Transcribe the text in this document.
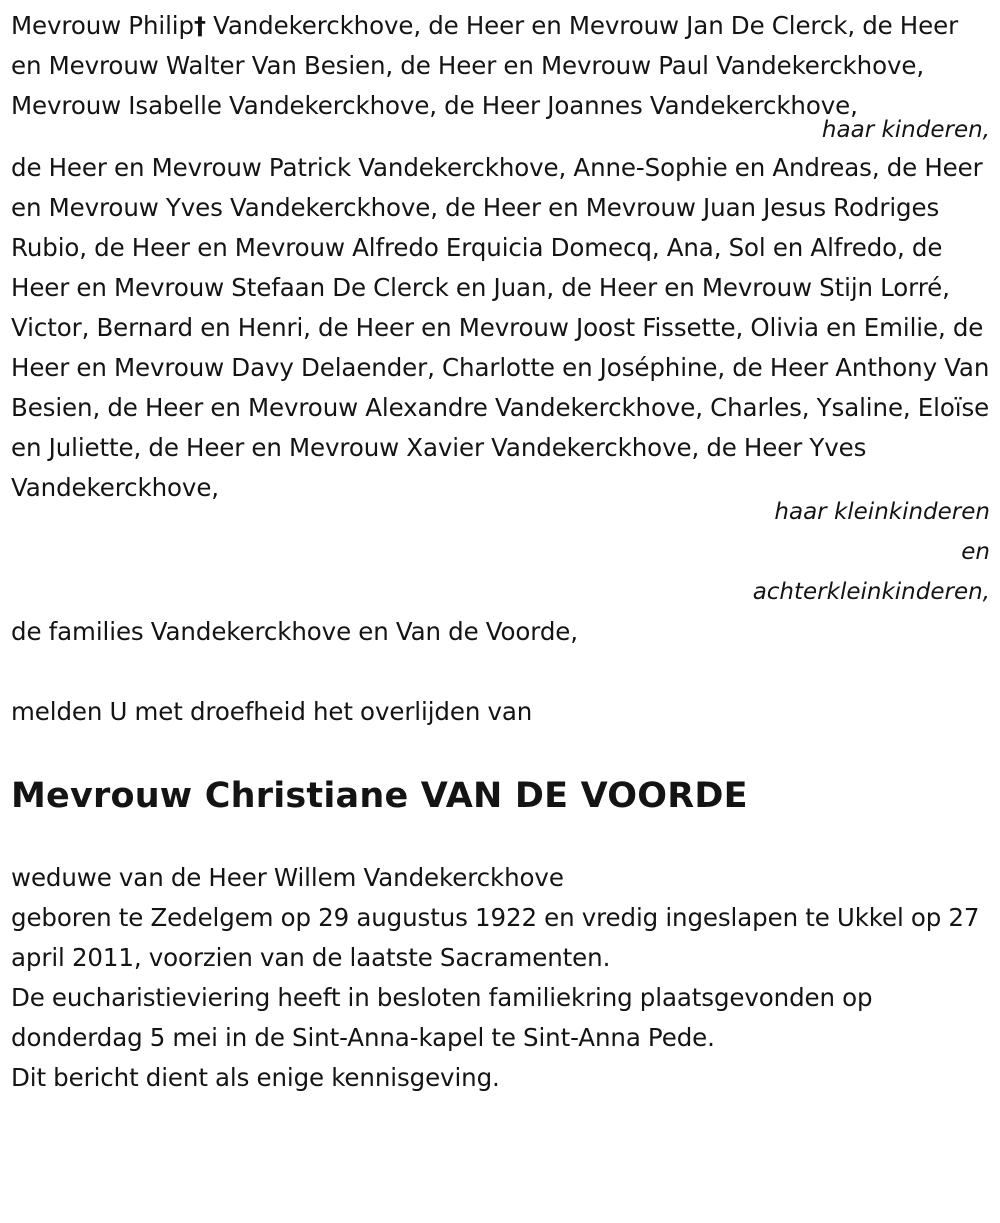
Mevrouw Philip† Vandekerckhove, de Heer en Mevrouw Jan De Clerck, de Heer en Mevrouw Walter Van Besien, de Heer en Mevrouw Paul Vandekerckhove, Mevrouw Isabelle Vandekerckhove, de Heer Joannes Vandekerckhove,

haar kinderen,

de Heer en Mevrouw Patrick Vandekerckhove, Anne-Sophie en Andreas, de Heer en Mevrouw Yves Vandekerckhove, de Heer en Mevrouw Juan Jesus Rodriges Rubio, de Heer en Mevrouw Alfredo Erquicia Domecq, Ana, Sol en Alfredo, de Heer en Mevrouw Stefaan De Clerck en Juan, de Heer en Mevrouw Stijn Lorré, Victor, Bernard en Henri, de Heer en Mevrouw Joost Fissette, Olivia en Emilie, de Heer en Mevrouw Davy Delaender, Charlotte en Joséphine, de Heer Anthony Van Besien, de Heer en Mevrouw Alexandre Vandekerckhove, Charles, Ysaline, Eloïse en Juliette, de Heer en Mevrouw Xavier Vandekerckhove, de Heer Yves Vandekerckhove,

haar kleinkinderen

en

achterkleinkinderen,

de families Vandekerckhove en Van de Voorde,

melden U met droefheid het overlijden van

Mevrouw Christiane VAN DE VOORDE

weduwe van de Heer Willem Vandekerckhove

geboren te Zedelgem op 29 augustus 1922 en vredig ingeslapen te Ukkel op 27 april 2011, voorzien van de laatste Sacramenten.

De eucharistieviering heeft in besloten familiekring plaatsgevonden op donderdag 5 mei in de Sint-Anna-kapel te Sint-Anna Pede.

Dit bericht dient als enige kennisgeving.
